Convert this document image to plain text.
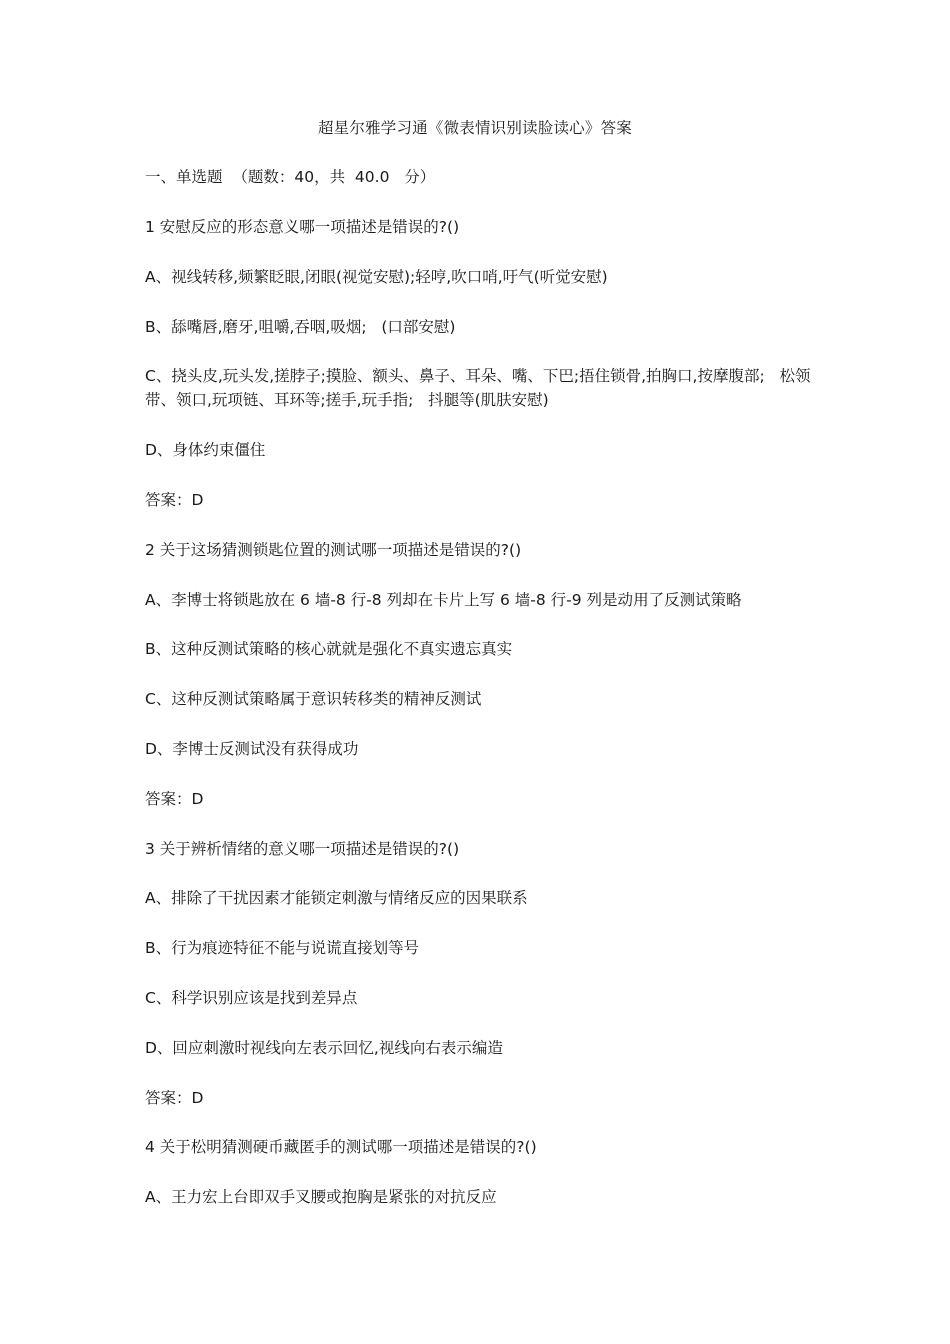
超星尔雅学习通《微表情识别读脸读心》答案
一、单选题  （题数：40，共  40.0   分）
1 安慰反应的形态意义哪一项描述是错误的?()
A、视线转移,频繁眨眼,闭眼(视觉安慰);轻哼,吹口哨,吁气(听觉安慰)
B、舔嘴唇,磨牙,咀嚼,吞咽,吸烟;   (口部安慰)
C、挠头皮,玩头发,搓脖子;摸脸、额头、鼻子、耳朵、嘴、下巴;捂住锁骨,拍胸口,按摩腹部;   松领带、领口,玩项链、耳环等;搓手,玩手指;   抖腿等(肌肤安慰)
D、身体约束僵住
答案：D
2 关于这场猜测锁匙位置的测试哪一项描述是错误的?()
A、李博士将锁匙放在 6 墙-8 行-8 列却在卡片上写 6 墙-8 行-9 列是动用了反测试策略
B、这种反测试策略的核心就就是强化不真实遗忘真实
C、这种反测试策略属于意识转移类的精神反测试
D、李博士反测试没有获得成功
答案：D
3 关于辨析情绪的意义哪一项描述是错误的?()
A、排除了干扰因素才能锁定刺激与情绪反应的因果联系
B、行为痕迹特征不能与说谎直接划等号
C、科学识别应该是找到差异点
D、回应刺激时视线向左表示回忆,视线向右表示编造
答案：D
4 关于松明猜测硬币藏匿手的测试哪一项描述是错误的?()
A、王力宏上台即双手叉腰或抱胸是紧张的对抗反应
